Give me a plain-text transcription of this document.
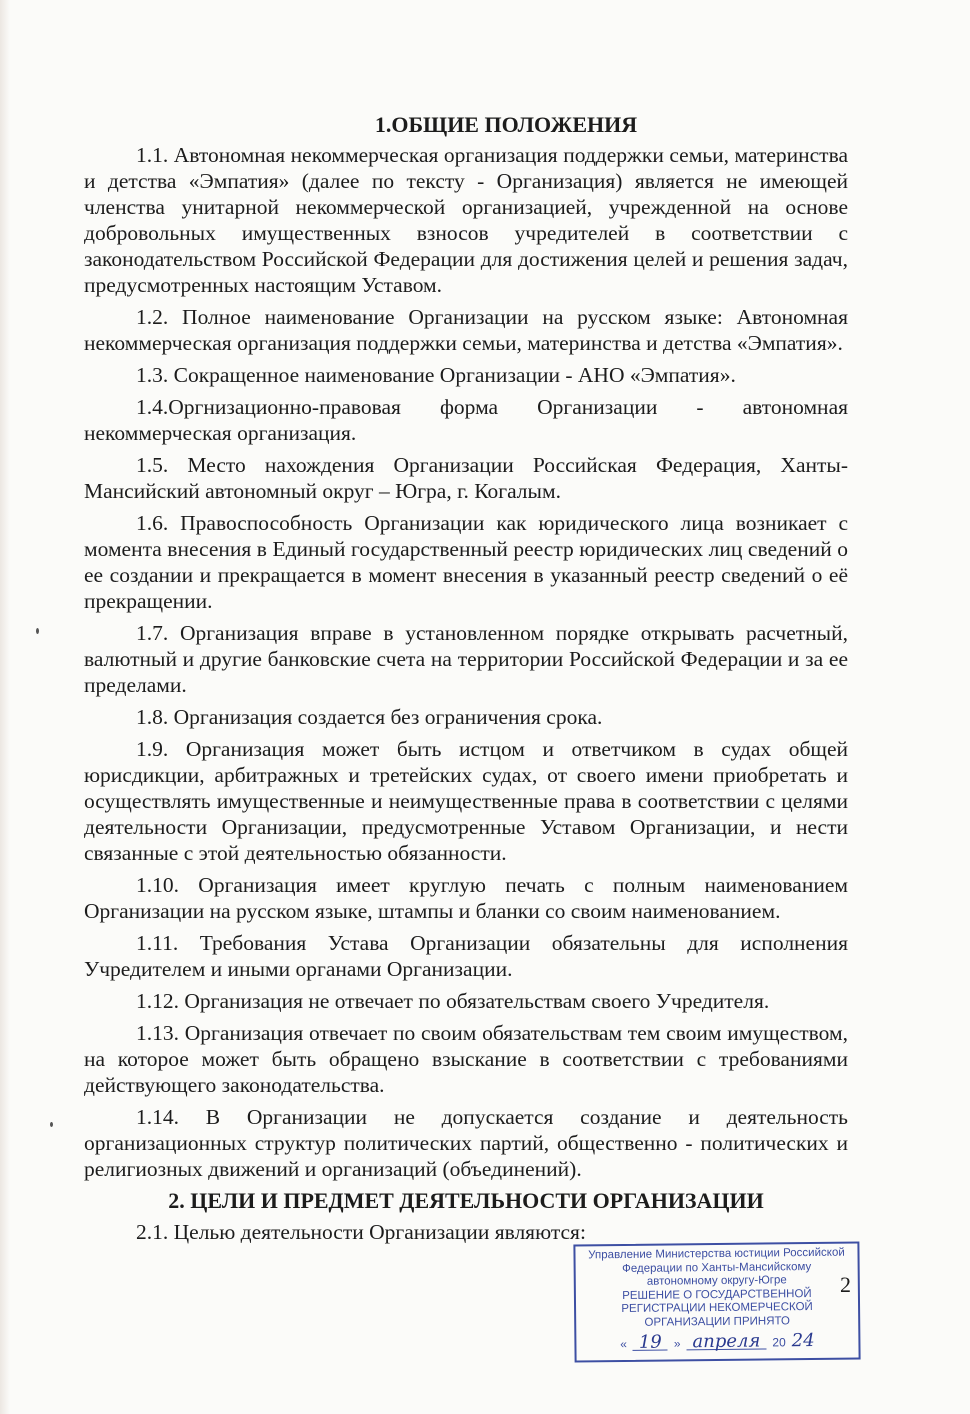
1.ОБЩИЕ ПОЛОЖЕНИЯ

1.1. Автономная некоммерческая организация поддержки семьи, материнства и детства «Эмпатия» (далее по тексту - Организация) является не имеющей членства унитарной некоммерческой организацией, учрежденной на основе добровольных имущественных взносов учредителей в соответствии с законодательством Российской Федерации для достижения целей и решения задач, предусмотренных настоящим Уставом.

1.2. Полное наименование Организации на русском языке: Автономная некоммерческая организация поддержки семьи, материнства и детства «Эмпатия».

1.3. Сокращенное наименование Организации - АНО «Эмпатия».

1.4.Оргнизационно-правовая форма Организации - автономная некоммерческая организация.

1.5. Место нахождения Организации Российская Федерация, Ханты-Мансийский автономный округ – Югра, г. Когалым.

1.6. Правоспособность Организации как юридического лица возникает с момента внесения в Единый государственный реестр юридических лиц сведений о ее создании и прекращается в момент внесения в указанный реестр сведений о её прекращении.

1.7. Организация вправе в установленном порядке открывать расчетный, валютный и другие банковские счета на территории Российской Федерации и за ее пределами.

1.8. Организация создается без ограничения срока.

1.9. Организация может быть истцом и ответчиком в судах общей юрисдикции, арбитражных и третейских судах, от своего имени приобретать и осуществлять имущественные и неимущественные права в соответствии с целями деятельности Организации, предусмотренные Уставом Организации, и нести связанные с этой деятельностью обязанности.

1.10. Организация имеет круглую печать с полным наименованием Организации на русском языке, штампы и бланки со своим наименованием.

1.11. Требования Устава Организации обязательны для исполнения Учредителем и иными органами Организации.

1.12. Организация не отвечает по обязательствам своего Учредителя.

1.13. Организация отвечает по своим обязательствам тем своим имуществом, на которое может быть обращено взыскание в соответствии с требованиями действующего законодательства.

1.14. В Организации не допускается создание и деятельность организационных структур политических партий, общественно - политических и религиозных движений и организаций (объединений).

2. ЦЕЛИ И ПРЕДМЕТ ДЕЯТЕЛЬНОСТИ ОРГАНИЗАЦИИ

2.1. Целью деятельности Организации являются:

Управление Министерства юстиции Российской
Федерации по Ханты-Мансийскому
автономному округу-Югре
РЕШЕНИЕ О ГОСУДАРСТВЕННОЙ
РЕГИСТРАЦИИ НЕКОМЕРЧЕСКОЙ
ОРГАНИЗАЦИИ ПРИНЯТО
« 19 » апреля 20 24
2
